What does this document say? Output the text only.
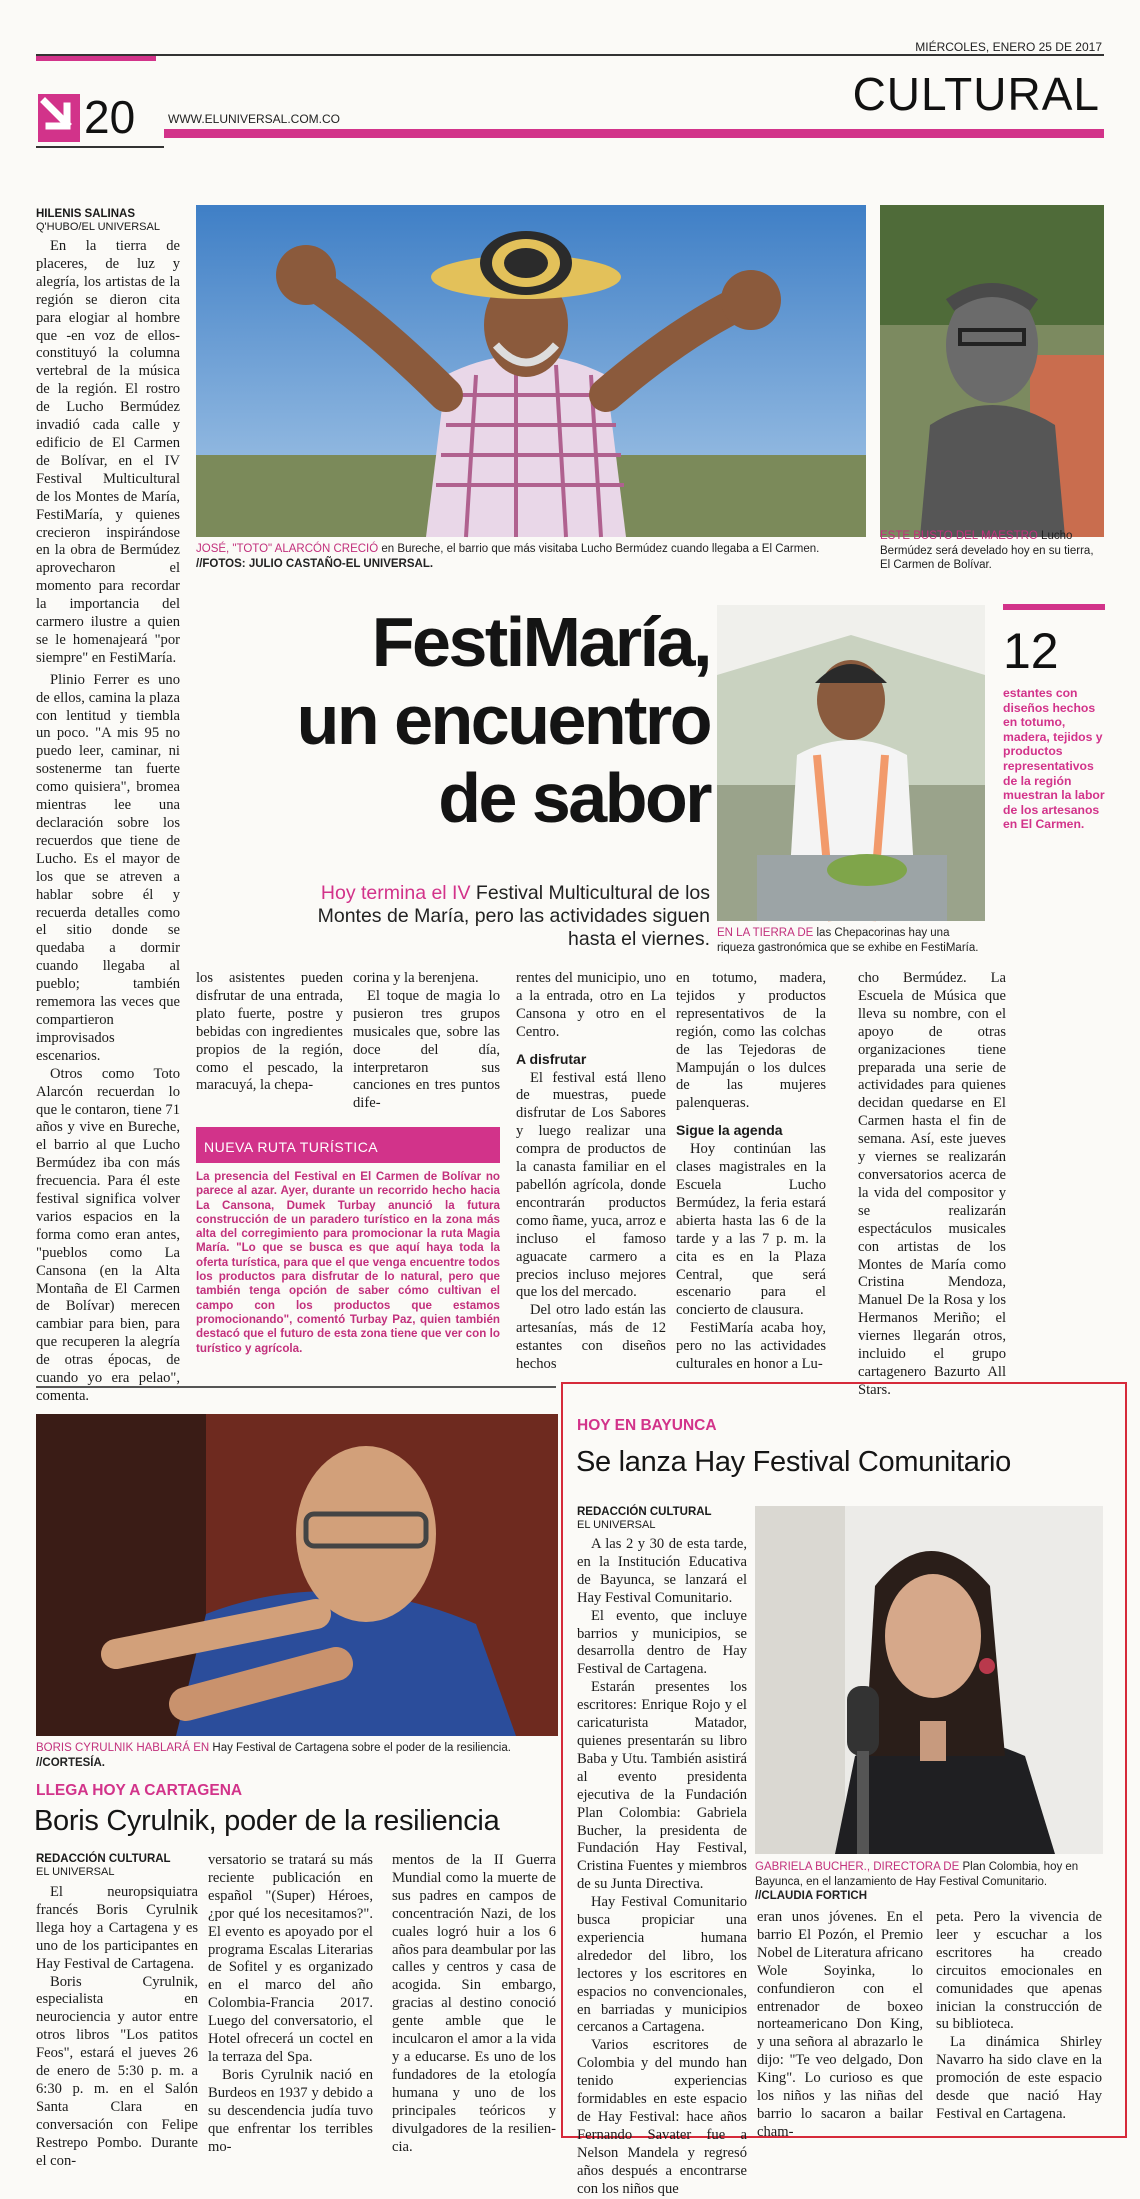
MIÉRCOLES, ENERO 25 DE 2017
CULTURAL
20	WWW.ELUNIVERSAL.COM.CO
HILENIS SALINAS
Q'HUBO/EL UNIVERSAL

En la tierra de placeres, de luz y alegría, los artistas de la región se dieron cita para elogiar al hombre que -en voz de ellos- constituyó la columna vertebral de la música de la región. El rostro de Lucho Bermúdez invadió cada calle y edificio de El Carmen de Bolívar, en el IV Festival Multicultural de los Montes de María, FestiMaría, y quienes crecieron inspirándose en la obra de Bermúdez aprovecharon el momento para recordar la importancia del carmero ilustre a quien se le homenajeará "por siempre" en FestiMaría.

Plinio Ferrer es uno de ellos, camina la plaza con lentitud y tiembla un poco. "A mis 95 no puedo leer, caminar, ni sostenerme tan fuerte como quisiera", bromea mientras lee una declaración sobre los recuerdos que tiene de Lucho. Es el mayor de los que se atreven a hablar sobre él y recuerda detalles como el sitio donde se quedaba a dormir cuando llegaba al pueblo; también rememora las veces que compartieron improvisados escenarios.

Otros como Toto Alarcón recuerdan lo que le contaron, tiene 71 años y vive en Bureche, el barrio al que Lucho Bermúdez iba con más frecuencia. Para él este festival significa volver varios espacios en la forma como eran antes, "pueblos como La Cansona (en la Alta Montaña de El Carmen de Bolívar) merecen cambiar para bien, para que recuperen la alegría de otras épocas, de cuando yo era pelao", comenta.

JOSÉ, "TOTO" ALARCÓN CRECIÓ en Bureche, el barrio que más visitaba Lucho Bermúdez cuando llegaba a El Carmen. //FOTOS: JULIO CASTAÑO-EL UNIVERSAL.
ESTE BUSTO DEL MAESTRO Lucho Bermúdez será develado hoy en su tierra, El Carmen de Bolívar.
FestiMaría,
un encuentro
de sabor
Hoy termina el IV Festival Multicultural de los Montes de María, pero las actividades siguen hasta el viernes. EN LA TIERRA DE las Chepacorinas hay una riqueza gastronómica que se exhibe en FestiMaría.
12
estantes con diseños hechos en totumo, madera, tejidos y productos representativos de la región muestran la labor de los artesanos en El Carmen.

los asistentes pueden disfrutar de una entrada, plato fuerte, postre y bebidas con ingredientes propios de la región, como el pescado, la maracuyá, la chepa-

corina y la berenjena.

El toque de magia lo pusieron tres grupos musicales que, sobre las doce del día, interpretaron sus canciones en tres puntos dife-

rentes del municipio, uno a la entrada, otro en La Cansona y otro en el Centro.

A disfrutar

El festival está lleno de muestras, puede disfrutar de Los Sabores y luego realizar una compra de productos de la canasta familiar en el pabellón agrícola, donde encontrarán productos como ñame, yuca, arroz e incluso el famoso aguacate carmero a precios incluso mejores que los del mercado.

Del otro lado están las artesanías, más de 12 estantes con diseños hechos

en totumo, madera, tejidos y productos representativos de la región, como las colchas de las Tejedoras de Mampuján o los dulces de las mujeres palenqueras.

Sigue la agenda

Hoy continúan las clases magistrales en la Escuela Lucho Bermúdez, la feria estará abierta hasta las 6 de la tarde y a las 7 p. m. la cita es en la Plaza Central, que será escenario para el concierto de clausura.

FestiMaría acaba hoy, pero no las actividades culturales en honor a Lu-

cho Bermúdez. La Escuela de Música que lleva su nombre, con el apoyo de otras organizaciones tiene preparada una serie de actividades para quienes decidan quedarse en El Carmen hasta el fin de semana. Así, este jueves y viernes se realizarán conversatorios acerca de la vida del compositor y se realizarán espectáculos musicales con artistas de los Montes de María como Cristina Mendoza, Manuel De la Rosa y los Hermanos Meriño; el viernes llegarán otros, incluido el grupo cartagenero Bazurto All Stars.

NUEVA RUTA TURÍSTICA
La presencia del Festival en El Carmen de Bolívar no parece al azar. Ayer, durante un recorrido hecho hacia La Cansona, Dumek Turbay anunció la futura construcción de un paradero turístico en la zona más alta del corregimiento para promocionar la ruta Magia María. "Lo que se busca es que aquí haya toda la oferta turística, para que el que venga encuentre todos los productos para disfrutar de lo natural, pero que también tenga opción de saber cómo cultivan el campo con los productos que estamos promocionando", comentó Turbay Paz, quien también destacó que el futuro de esta zona tiene que ver con lo turístico y agrícola.
BORIS CYRULNIK HABLARÁ EN Hay Festival de Cartagena sobre el poder de la resiliencia. //CORTESÍA.
LLEGA HOY A CARTAGENA
Boris Cyrulnik, poder de la resiliencia
REDACCIÓN CULTURAL
EL UNIVERSAL

El neuropsiquiatra francés Boris Cyrulnik llega hoy a Cartagena y es uno de los participantes en Hay Festival de Cartagena.

Boris Cyrulnik, especialista en neurociencia y autor entre otros libros "Los patitos Feos", estará el jueves 26 de enero de 5:30 p. m. a 6:30 p. m. en el Salón Santa Clara en conversación con Felipe Restrepo Pombo. Durante el con-

versatorio se tratará su más reciente publicación en español "(Super) Héroes, ¿por qué los necesitamos?". El evento es apoyado por el programa Escalas Literarias de Sofitel y es organizado en el marco del año Colombia-Francia 2017. Luego del conversatorio, el Hotel ofrecerá un coctel en la terraza del Spa.

Boris Cyrulnik nació en Burdeos en 1937 y debido a su descendencia judía tuvo que enfrentar los terribles mo-

mentos de la II Guerra Mundial como la muerte de sus padres en campos de concentración Nazi, de los cuales logró huir a los 6 años para deambular por las calles y centros y casa de acogida. Sin embargo, gracias al destino conoció gente amble que le inculcaron el amor a la vida y a educarse. Es uno de los fundadores de la etología humana y uno de los principales teóricos y divulgadores de la resilien-cia.

HOY EN BAYUNCA
Se lanza Hay Festival Comunitario
REDACCIÓN CULTURAL
EL UNIVERSAL

A las 2 y 30 de esta tarde, en la Institución Educativa de Bayunca, se lanzará el Hay Festival Comunitario.

El evento, que incluye barrios y municipios, se desarrolla dentro de Hay Festival de Cartagena.

Estarán presentes los escritores: Enrique Rojo y el caricaturista Matador, quienes presentarán su libro Baba y Utu. También asistirá al evento presidenta ejecutiva de la Fundación Plan Colombia: Gabriela Bucher, la presidenta de Fundación Hay Festival, Cristina Fuentes y miembros de su Junta Directiva.

Hay Festival Comunitario busca propiciar una experiencia humana alrededor del libro, los lectores y los escritores en espacios no convencionales, en barriadas y municipios cercanos a Cartagena.

Varios escritores de Colombia y del mundo han tenido experiencias formidables en este espacio de Hay Festival: hace años Fernando Savater fue a Nelson Mandela y regresó años después a encontrarse con los niños que

GABRIELA BUCHER., DIRECTORA DE Plan Colombia, hoy en Bayunca, en el lanzamiento de Hay Festival Comunitario. //CLAUDIA FORTICH

eran unos jóvenes. En el barrio El Pozón, el Premio Nobel de Literatura africano Wole Soyinka, lo confundieron con el entrenador de boxeo norteamericano Don King, y una señora al abrazarlo le dijo: "Te veo delgado, Don King". Lo curioso es que los niños y las niñas del barrio lo sacaron a bailar cham-

peta. Pero la vivencia de leer y escuchar a los escritores ha creado circuitos emocionales en comunidades que apenas inician la construcción de su biblioteca.

La dinámica Shirley Navarro ha sido clave en la promoción de este espacio desde que nació Hay Festival en Cartagena.
